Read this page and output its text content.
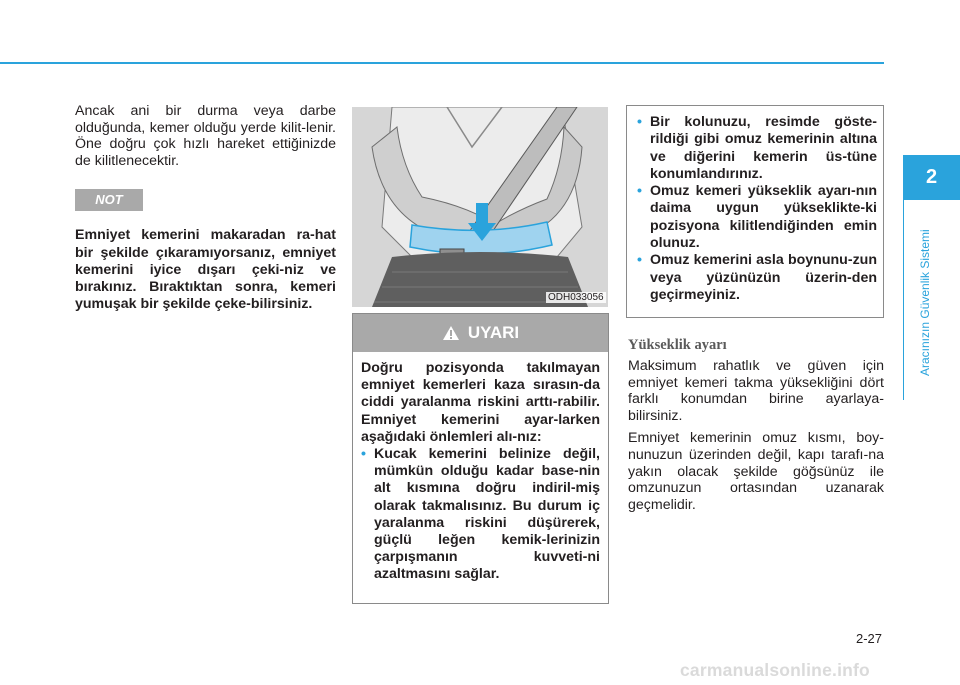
Ancak ani bir durma veya darbe olduğunda, kemer olduğu yerde kilit-lenir. Öne doğru çok hızlı hareket ettiğinizde de kilitlenecektir.

NOT

Emniyet kemerini makaradan ra-hat bir şekilde çıkaramıyorsanız, emniyet kemerini iyice dışarı çeki-niz ve bırakınız. Bıraktıktan sonra, kemeri yumuşak bir şekilde çeke-bilirsiniz.	ODH033056
UYARI

Doğru pozisyonda takılmayan emniyet kemerleri kaza sırasın-da ciddi yaralanma riskini arttı-rabilir. Emniyet kemerini ayar-larken aşağıdaki önlemleri alı-nız:

• Kucak kemerini belinize değil, mümkün olduğu kadar base-nin alt kısmına doğru indiril-miş olarak takmalısınız. Bu durum iç yaralanma riskini düşürerek, güçlü leğen kemik-lerinizin çarpışmanın kuvveti-ni azaltmasını sağlar.
• Bir kolunuzu, resimde göste-rildiği gibi omuz kemerinin altına ve diğerini kemerin üs-tüne konumlandırınız.
• Omuz kemeri yükseklik ayarı-nın daima uygun yükseklikte-ki pozisyona kilitlendiğinden emin olunuz.
• Omuz kemerini asla boynunu-zun veya yüzünüzün üzerin-den geçirmeyiniz.
Yükseklik ayarı

Maksimum rahatlık ve güven için emniyet kemeri takma yüksekliğini dört farklı konumdan birine ayarlaya-bilirsiniz.

Emniyet kemerinin omuz kısmı, boy-nunuzun üzerinden değil, kapı tarafı-na yakın olacak şekilde göğsünüz ile omzunuzun ortasından uzanarak geçmelidir.

2
Aracınızın Güvenlik Sistemi
2-27
carmanualsonline.info
